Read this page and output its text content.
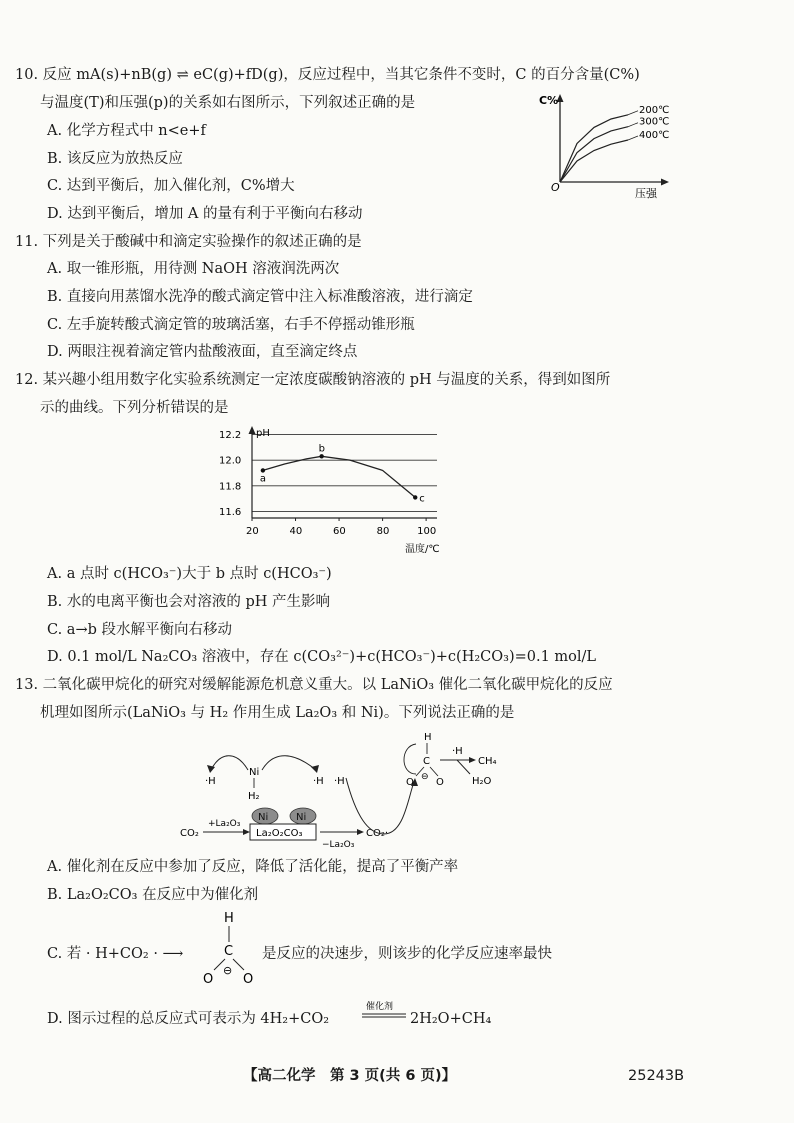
10. 反应 mA(s)+nB(g) ⇌ eC(g)+fD(g)，反应过程中，当其它条件不变时，C 的百分含量(C%)
与温度(T)和压强(p)的关系如右图所示，下列叙述正确的是
A. 化学方程式中 n<e+f
B. 该反应为放热反应
C. 达到平衡后，加入催化剂，C%增大
D. 达到平衡后，增加 A 的量有利于平衡向右移动
C%
O	压强
200℃
300℃
400℃
11. 下列是关于酸碱中和滴定实验操作的叙述正确的是
A. 取一锥形瓶，用待测 NaOH 溶液润洗两次
B. 直接向用蒸馏水洗净的酸式滴定管中注入标准酸溶液，进行滴定
C. 左手旋转酸式滴定管的玻璃活塞，右手不停摇动锥形瓶
D. 两眼注视着滴定管内盐酸液面，直至滴定终点
12. 某兴趣小组用数字化实验系统测定一定浓度碳酸钠溶液的 pH 与温度的关系，得到如图所
示的曲线。下列分析错误的是
pH
温度/℃
12.2
12.0
11.8
11.6
20	40	60	80	100
a
b
c
A. a 点时 c(HCO₃⁻)大于 b 点时 c(HCO₃⁻)
B. 水的电离平衡也会对溶液的 pH 产生影响
C. a→b 段水解平衡向右移动
D. 0.1 mol/L Na₂CO₃ 溶液中，存在 c(CO₃²⁻)+c(HCO₃⁻)+c(H₂CO₃)=0.1 mol/L
13. 二氧化碳甲烷化的研究对缓解能源危机意义重大。以 LaNiO₃ 催化二氧化碳甲烷化的反应
机理如图所示(LaNiO₃ 与 H₂ 作用生成 La₂O₃ 和 Ni)。下列说法正确的是
·H
Ni
H₂
·H ·H
Ni	Ni
La₂O₂CO₃
CO₂
+La₂O₃
−La₂O₃
CO₂·
H
C
O O
⊖
·H
CH₄
H₂O
A. 催化剂在反应中参加了反应，降低了活化能，提高了平衡产率
B. La₂O₂CO₃ 在反应中为催化剂
C. 若 · H+CO₂ · ⟶
H
C
O O
⊖
是反应的决速步，则该步的化学反应速率最快
D. 图示过程的总反应式可表示为 4H₂+CO₂
催化剂
2H₂O+CH₄
【高二化学　第 3 页(共 6 页)】	25243B
